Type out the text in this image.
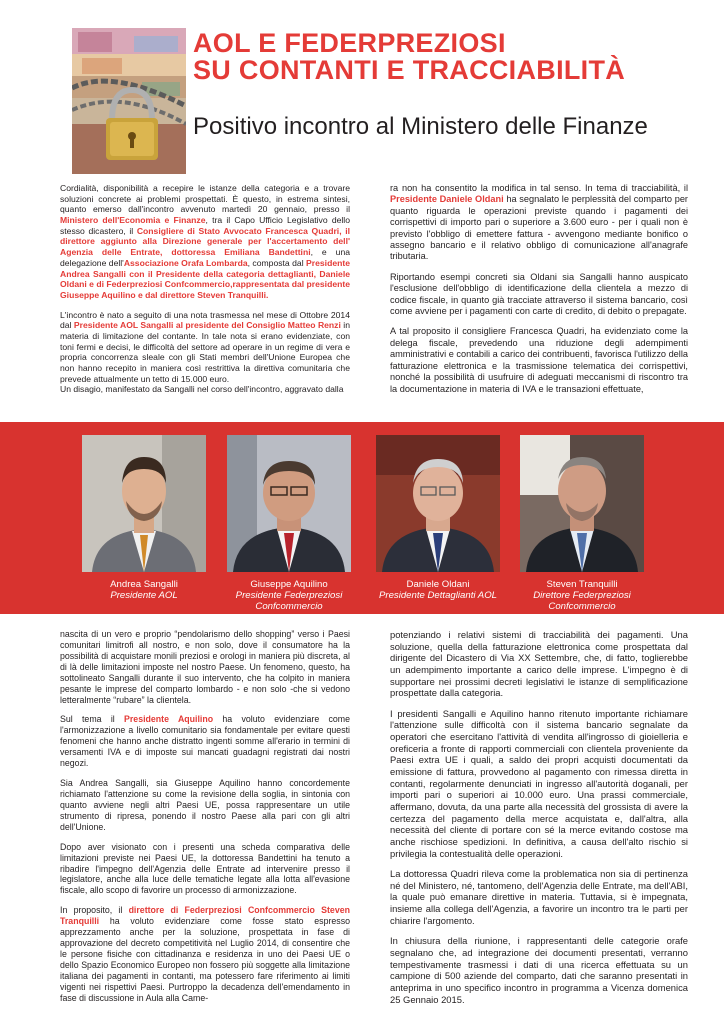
AOL E FEDERPREZIOSI
SU CONTANTI E TRACCIABILITÀ
Positivo incontro al Ministero delle Finanze

Cordialità, disponibilità a recepire le istanze della categoria e a trovare soluzioni concrete ai problemi prospettati. È questo, in estrema sintesi, quanto emerso dall'incontro avvenuto martedì 20 gennaio, presso il Ministero dell'Economia e Finanze, tra il Capo Ufficio Legislativo dello stesso dicastero, il Consigliere di Stato Avvocato Francesca Quadri, il direttore aggiunto alla Direzione generale per l'accertamento dell' Agenzia delle Entrate, dottoressa Emiliana Bandettini, e una delegazione dell'Associazione Orafa Lombarda, composta dal Presidente Andrea Sangalli con il Presidente della categoria dettaglianti, Daniele Oldani e di Federpreziosi Confcommercio,rappresentata dal presidente Giuseppe Aquilino e dal direttore Steven Tranquilli.

L'incontro è nato a seguito di una nota trasmessa nel mese di Ottobre 2014 dal Presidente AOL Sangalli al presidente del Consiglio Matteo Renzi in materia di limitazione del contante. In tale nota si erano evidenziate, con toni fermi e decisi, le difficoltà del settore ad operare in un regime di vera e propria concorrenza sleale con gli Stati membri dell'Unione Europea che non hanno recepito in maniera così restrittiva la direttiva comunitaria che prevede attualmente un tetto di 15.000 euro.

Un disagio, manifestato da Sangalli nel corso dell'incontro, aggravato dalla

ra non ha consentito la modifica in tal senso. In tema di tracciabilità, il Presidente Daniele Oldani ha segnalato le perplessità del comparto per quanto riguarda le operazioni previste quando i pagamenti dei corrispettivi di importo pari o superiore a 3.600 euro - per i quali non è previsto l'obbligo di emettere fattura - avvengono mediante bonifico o assegno bancario e il relativo obbligo di comunicazione all'anagrafe tributaria.

Riportando esempi concreti sia Oldani sia Sangalli hanno auspicato l'esclusione dell'obbligo di identificazione della clientela a mezzo di codice fiscale, in quanto già tracciate attraverso il sistema bancario, così come avviene per i pagamenti con carte di credito, di debito o prepagate.

A tal proposito il consigliere Francesca Quadri, ha evidenziato come la delega fiscale, prevedendo una riduzione degli adempimenti amministrativi e contabili a carico dei contribuenti, favorisca l'utilizzo della fatturazione elettronica e la trasmissione telematica dei corrispettivi, nonché la possibilità di usufruire di adeguati meccanismi di riscontro tra la documentazione in materia di IVA e le transazioni effettuate,

Andrea Sangalli
Presidente AOL
Giuseppe Aquilino
Presidente Federpreziosi
Confcommercio
Daniele Oldani
Presidente Dettaglianti AOL
Steven Tranquilli
Direttore Federpreziosi
Confcommercio

nascita di un vero e proprio “pendolarismo dello shopping” verso i Paesi comunitari limitrofi all nostro, e non solo, dove il consumatore ha la possibilità di acquistare monili preziosi e orologi in maniera più discreta, al di là delle limitazioni imposte nel nostro Paese. Un fenomeno, questo, ha sottolineato Sangalli durante il suo intervento, che ha colpito in maniera pesante le imprese del comparto lombardo - e non solo -che si vedono letteralmente “rubare” la clientela.

Sul tema il Presidente Aquilino ha voluto evidenziare come l'armonizzazione a livello comunitario sia fondamentale per evitare questi fenomeni che hanno anche distratto ingenti somme all'erario in termini di versamenti IVA e di imposte sui mancati guadagni registrati dai nostri negozi.

Sia Andrea Sangalli, sia Giuseppe Aquilino hanno concordemente richiamato l'attenzione su come la revisione della soglia, in sintonia con quanto avviene negli altri Paesi UE, possa rappresentare un utile strumento di ripresa, ponendo il nostro Paese alla pari con gli altri dell'Unione.

Dopo aver visionato con i presenti una scheda comparativa delle limitazioni previste nei Paesi UE, la dottoressa Bandettini ha tenuto a ribadire l'impegno dell'Agenzia delle Entrate ad intervenire presso il legislatore, anche alla luce delle tematiche legate alla lotta all'evasione fiscale, allo scopo di favorire un processo di armonizzazione.

In proposito, il direttore di Federpreziosi Confcommercio Steven Tranquilli ha voluto evidenziare come fosse stato espresso apprezzamento anche per la soluzione, prospettata in fase di approvazione del decreto competitività nel Luglio 2014, di consentire che le persone fisiche con cittadinanza e residenza in uno dei Paesi UE o dello Spazio Economico Europeo non fossero più soggette alla limitazione italiana dei pagamenti in contanti, ma potessero fare riferimento ai limiti vigenti nei rispettivi Paesi. Purtroppo la decadenza dell'emendamento in fase di discussione in Aula alla Came-

potenziando i relativi sistemi di tracciabilità dei pagamenti. Una soluzione, quella della fatturazione elettronica come prospettata dal dirigente del Dicastero di Via XX Settembre, che, di fatto, toglierebbe un adempimento importante a carico delle imprese. L'impegno è di supportare nei prossimi decreti legislativi le istanze di semplificazione prospettate dalla categoria.

I presidenti Sangalli e Aquilino hanno ritenuto importante richiamare l'attenzione sulle difficoltà con il sistema bancario segnalate da operatori che esercitano l'attività di vendita all'ingrosso di gioielleria e oreficeria a fronte di rapporti commerciali con clientela proveniente da Paesi extra UE i quali, a saldo dei propri acquisti documentati da emissione di fattura, provvedono al pagamento con rimessa diretta in contanti, regolarmente denunciati in ingresso all'autorità doganali, per importi pari o superiori ai 10.000 euro. Una prassi commerciale, affermano, dovuta, da una parte alla necessità del grossista di avere la certezza del pagamento della merce acquistata e, dall'altra, alla necessità del cliente di portare con sé la merce evitando costose ma anche rischiose spedizioni. In definitiva, a causa dell'alto rischio si privilegia la contestualità delle operazioni.

La dottoressa Quadri rileva come la problematica non sia di pertinenza né del Ministero, né, tantomeno, dell'Agenzia delle Entrate, ma dell'ABI, la quale può emanare direttive in materia. Tuttavia, si è impegnata, insieme alla collega dell'Agenzia, a favorire un incontro tra le parti per chiarire l'argomento.

In chiusura della riunione, i rappresentanti delle categorie orafe segnalano che, ad integrazione dei documenti presentati, verranno tempestivamente trasmessi i dati di una ricerca effettuata su un campione di 500 aziende del comparto, dati che saranno presentati in anteprima in uno specifico incontro in programma a Vicenza domenica 25 Gennaio 2015.
